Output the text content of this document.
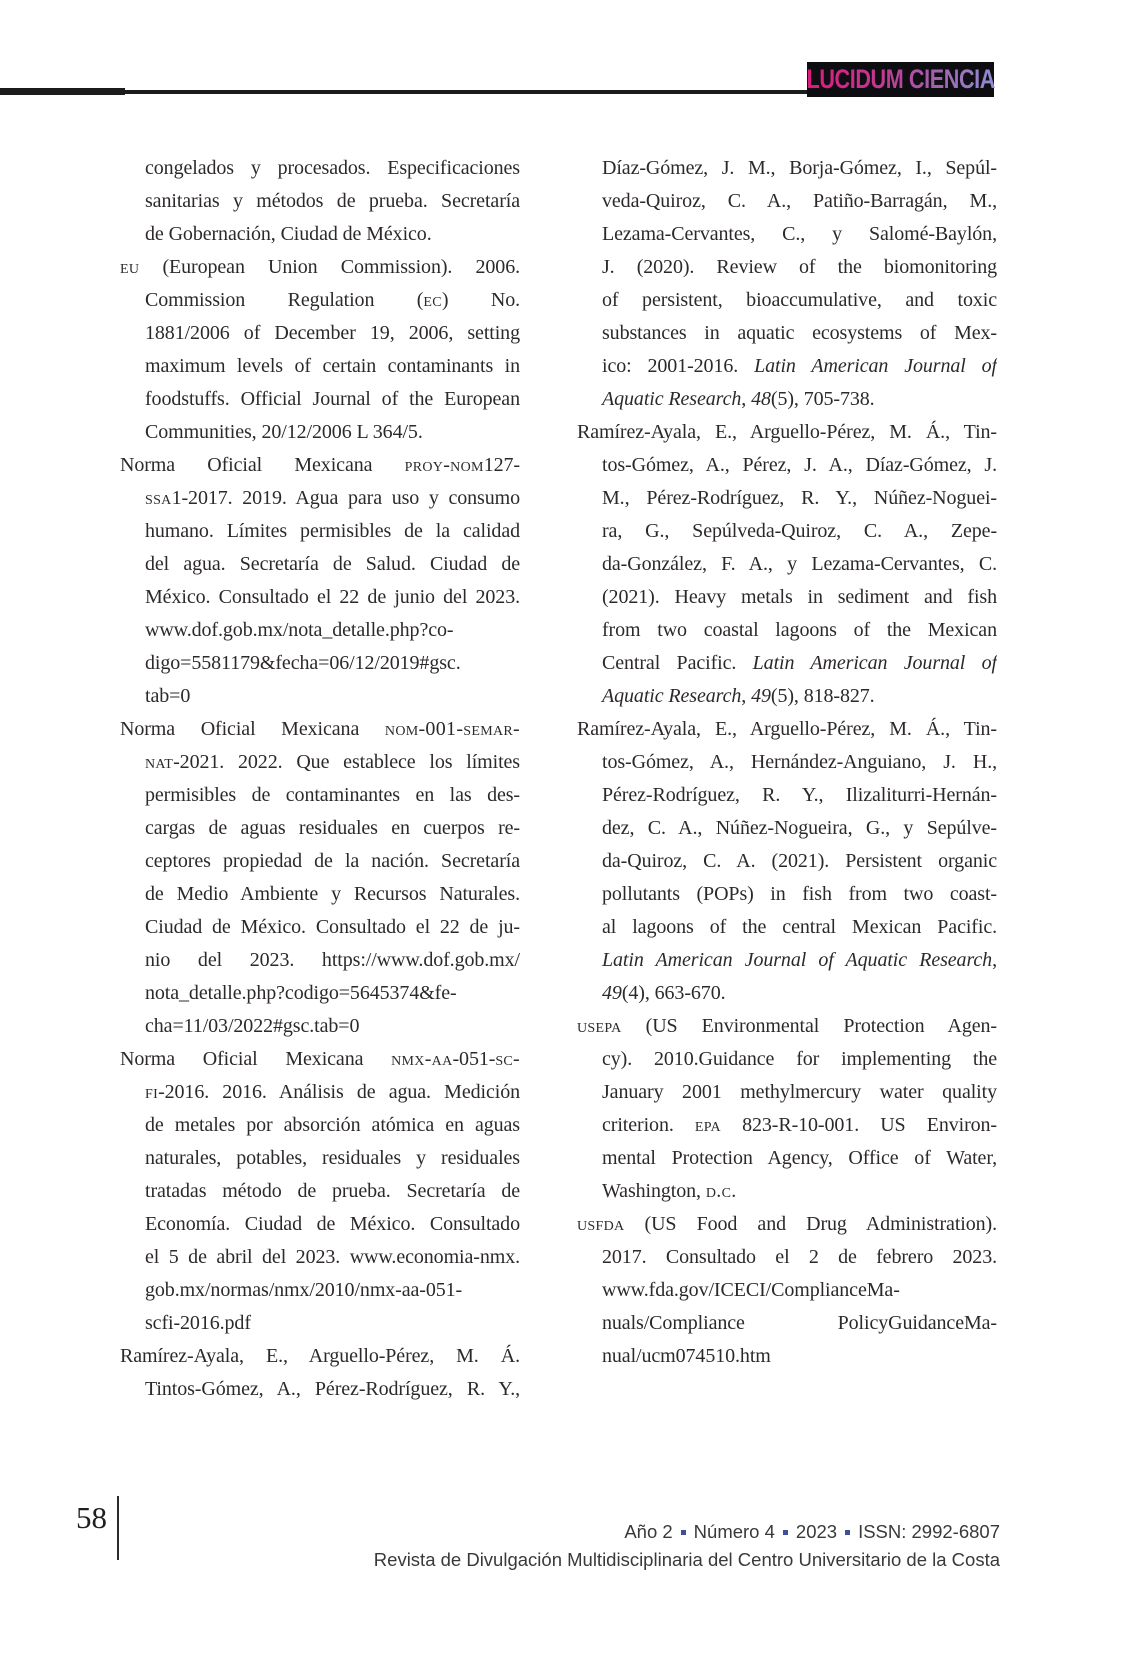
LUCIDUM CIENCIA
congelados y procesados. Especificaciones
sanitarias y métodos de prueba. Secretaría
de Gobernación, Ciudad de México.
eu (European Union Commission). 2006.
Commission Regulation (ec) No.
1881/2006 of December 19, 2006, setting
maximum levels of certain contaminants in
foodstuffs. Official Journal of the European
Communities, 20/12/2006 L 364/5.
Norma Oficial Mexicana proy-nom127-
ssa1-2017. 2019. Agua para uso y consumo
humano. Límites permisibles de la calidad
del agua. Secretaría de Salud. Ciudad de
México. Consultado el 22 de junio del 2023.
www.dof.gob.mx/nota_detalle.php?co-
digo=5581179&fecha=06/12/2019#gsc.
tab=0
Norma Oficial Mexicana nom-001-semar-
nat-2021. 2022. Que establece los límites
permisibles de contaminantes en las des-
cargas de aguas residuales en cuerpos re-
ceptores propiedad de la nación. Secretaría
de Medio Ambiente y Recursos Naturales.
Ciudad de México. Consultado el 22 de ju-
nio del 2023. https://www.dof.gob.mx/
nota_detalle.php?codigo=5645374&fe-
cha=11/03/2022#gsc.tab=0
Norma Oficial Mexicana nmx-aa-051-sc-
fi-2016. 2016. Análisis de agua. Medición
de metales por absorción atómica en aguas
naturales, potables, residuales y residuales
tratadas método de prueba. Secretaría de
Economía. Ciudad de México. Consultado
el 5 de abril del 2023. www.economia-nmx.
gob.mx/normas/nmx/2010/nmx-aa-051-
scfi-2016.pdf
Ramírez-Ayala, E., Arguello-Pérez, M. Á.
Tintos-Gómez, A., Pérez-Rodríguez, R. Y.,
Díaz-Gómez, J. M., Borja-Gómez, I., Sepúl-
veda-Quiroz, C. A., Patiño-Barragán, M.,
Lezama-Cervantes, C., y Salomé-Baylón,
J. (2020). Review of the biomonitoring
of persistent, bioaccumulative, and toxic
substances in aquatic ecosystems of Mex-
ico: 2001-2016. Latin American Journal of
Aquatic Research, 48(5), 705-738.
Ramírez-Ayala, E., Arguello-Pérez, M. Á., Tin-
tos-Gómez, A., Pérez, J. A., Díaz-Gómez, J.
M., Pérez-Rodríguez, R. Y., Núñez-Noguei-
ra, G., Sepúlveda-Quiroz, C. A., Zepe-
da-González, F. A., y Lezama-Cervantes, C.
(2021). Heavy metals in sediment and fish
from two coastal lagoons of the Mexican
Central Pacific. Latin American Journal of
Aquatic Research, 49(5), 818-827.
Ramírez-Ayala, E., Arguello-Pérez, M. Á., Tin-
tos-Gómez, A., Hernández-Anguiano, J. H.,
Pérez-Rodríguez, R. Y., Ilizaliturri-Hernán-
dez, C. A., Núñez-Nogueira, G., y Sepúlve-
da-Quiroz, C. A. (2021). Persistent organic
pollutants (POPs) in fish from two coast-
al lagoons of the central Mexican Pacific.
Latin American Journal of Aquatic Research,
49(4), 663-670.
usepa (US Environmental Protection Agen-
cy). 2010.Guidance for implementing the
January 2001 methylmercury water quality
criterion. epa 823-R-10-001. US Environ-
mental Protection Agency, Office of Water,
Washington, d.c.
usfda (US Food and Drug Administration).
2017. Consultado el 2 de febrero 2023.
www.fda.gov/ICECI/ComplianceMa-
nuals/Compliance PolicyGuidanceMa-
nual/ucm074510.htm
58	Año 2 Número 4 2023 ISSN: 2992-6807
Revista de Divulgación Multidisciplinaria del Centro Universitario de la Costa
